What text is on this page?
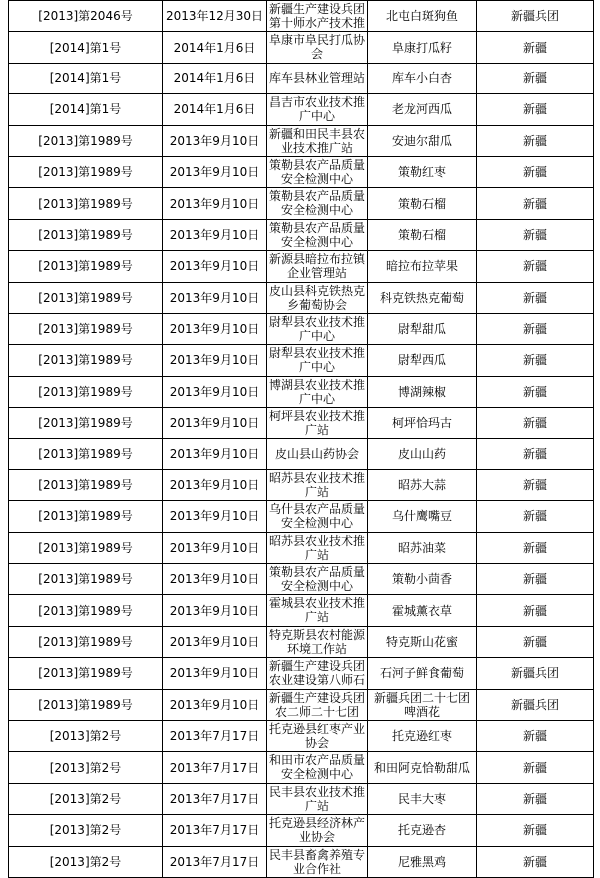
[2013]第2046号	2013年12月30日	新疆生产建设兵团第十师水产技术推	北屯白斑狗鱼	新疆兵团
[2014]第1号	2014年1月6日	阜康市阜民打瓜协会	阜康打瓜籽	新疆
[2014]第1号	2014年1月6日	库车县林业管理站	库车小白杏	新疆
[2014]第1号	2014年1月6日	昌吉市农业技术推广中心	老龙河西瓜	新疆
[2013]第1989号	2013年9月10日	新疆和田民丰县农业技术推广站	安迪尔甜瓜	新疆
[2013]第1989号	2013年9月10日	策勒县农产品质量安全检测中心	策勒红枣	新疆
[2013]第1989号	2013年9月10日	策勒县农产品质量安全检测中心	策勒石榴	新疆
[2013]第1989号	2013年9月10日	策勒县农产品质量安全检测中心	策勒石榴	新疆
[2013]第1989号	2013年9月10日	新源县暗拉布拉镇企业管理站	暗拉布拉苹果	新疆
[2013]第1989号	2013年9月10日	皮山县科克铁热克乡葡萄协会	科克铁热克葡萄	新疆
[2013]第1989号	2013年9月10日	尉犁县农业技术推广中心	尉犁甜瓜	新疆
[2013]第1989号	2013年9月10日	尉犁县农业技术推广中心	尉犁西瓜	新疆
[2013]第1989号	2013年9月10日	博湖县农业技术推广中心	博湖辣椒	新疆
[2013]第1989号	2013年9月10日	柯坪县农业技术推广站	柯坪恰玛古	新疆
[2013]第1989号	2013年9月10日	皮山县山药协会	皮山山药	新疆
[2013]第1989号	2013年9月10日	昭苏县农业技术推广站	昭苏大蒜	新疆
[2013]第1989号	2013年9月10日	乌什县农产品质量安全检测中心	乌什鹰嘴豆	新疆
[2013]第1989号	2013年9月10日	昭苏县农业技术推广站	昭苏油菜	新疆
[2013]第1989号	2013年9月10日	策勒县农产品质量安全检测中心	策勒小茴香	新疆
[2013]第1989号	2013年9月10日	霍城县农业技术推广站	霍城薰衣草	新疆
[2013]第1989号	2013年9月10日	特克斯县农村能源环境工作站	特克斯山花蜜	新疆
[2013]第1989号	2013年9月10日	新疆生产建设兵团农业建设第八师石	石河子鲜食葡萄	新疆兵团
[2013]第1989号	2013年9月10日	新疆生产建设兵团农二师二十七团	新疆兵团二十七团啤酒花	新疆兵团
[2013]第2号	2013年7月17日	托克逊县红枣产业协会	托克逊红枣	新疆
[2013]第2号	2013年7月17日	和田市农产品质量安全检测中心	和田阿克恰勒甜瓜	新疆
[2013]第2号	2013年7月17日	民丰县农业技术推广站	民丰大枣	新疆
[2013]第2号	2013年7月17日	托克逊县经济林产业协会	托克逊杏	新疆
[2013]第2号	2013年7月17日	民丰县畜禽养殖专业合作社	尼雅黑鸡	新疆
